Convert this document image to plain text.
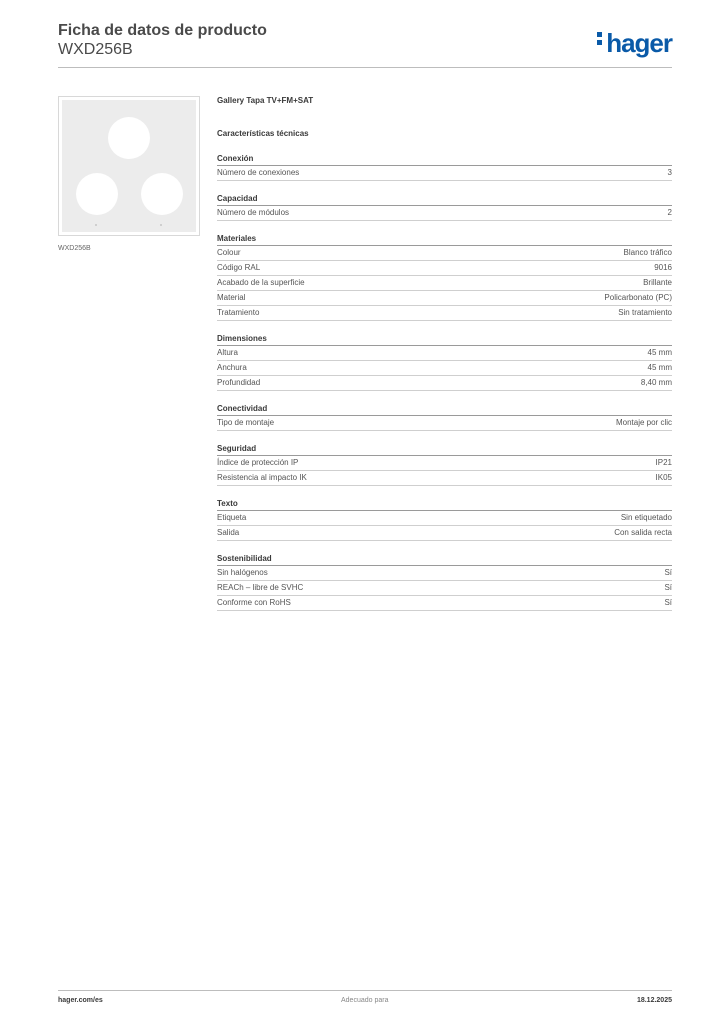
Ficha de datos de producto
WXD256B	hager
WXD256B
Gallery Tapa TV+FM+SAT
Características técnicas
Conexión
Número de conexiones	3
Capacidad
Número de módulos	2
Materiales
Colour	Blanco tráfico
Código RAL	9016
Acabado de la superficie	Brillante
Material	Policarbonato (PC)
Tratamiento	Sin tratamiento
Dimensiones
Altura	45 mm
Anchura	45 mm
Profundidad	8,40 mm
Conectividad
Tipo de montaje	Montaje por clic
Seguridad
Índice de protección IP	IP21
Resistencia al impacto IK	IK05
Texto
Etiqueta	Sin etiquetado
Salida	Con salida recta
Sostenibilidad
Sin halógenos	Sí
REACh – libre de SVHC	Sí
Conforme con RoHS	Sí
hager.com/es	Adecuado para	18.12.2025
